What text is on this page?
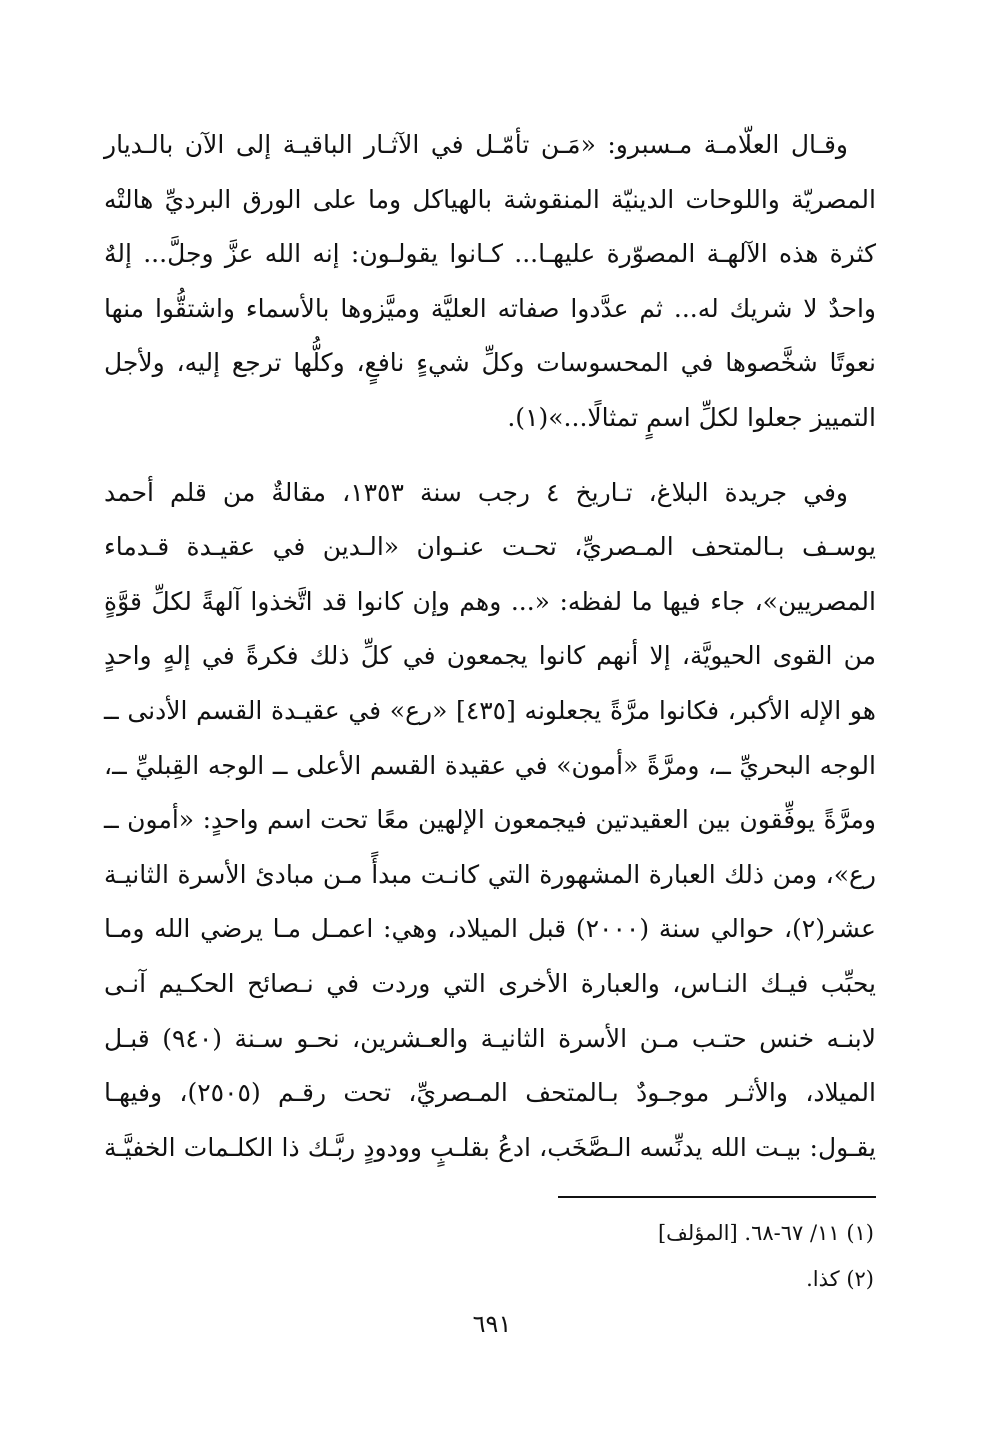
وقـال العلّامـة مـسبرو: «مَـن تأمّـل في الآثـار الباقيـة إلى الآن بالـديار
المصريّة واللوحات الدينيّة المنقوشة بالهياكل وما على الورق البرديِّ هالتْه
كثرة هذه الآلهـة المصوّرة عليهـا... كـانوا يقولـون: إنه الله عزَّ وجلَّ... إلهٌ
واحدٌ لا شريك له... ثم عدَّدوا صفاته العليَّة وميَّزوها بالأسماء واشتقُّوا منها
نعوتًا شخَّصوها في المحسوسات وكلِّ شيءٍ نافعٍ، وكلُّها ترجع إليه، ولأجل
التمييز جعلوا لكلِّ اسمٍ تمثالًا...»(١).

وفي جريدة البلاغ، تـاريخ ٤ رجب سنة ١٣٥٣، مقالةٌ من قلم أحمد
يوسـف بـالمتحف المـصريِّ، تحـت عنـوان «الـدين في عقيـدة قـدماء
المصريين»، جاء فيها ما لفظه: «... وهم وإن كانوا قد اتَّخذوا آلهةً لكلِّ قوَّةٍ
من القوى الحيويَّة، إلا أنهم كانوا يجمعون في كلِّ ذلك فكرةً في إلهٍ واحدٍ
هو الإله الأكبر، فكانوا مرَّةً يجعلونه [٤٣٥] «رع» في عقيـدة القسم الأدنى ــ
الوجه البحريِّ ــ، ومرَّةً «أمون» في عقيدة القسم الأعلى ــ الوجه القِبليِّ ــ،
ومرَّةً يوفِّقون بين العقيدتين فيجمعون الإلهين معًا تحت اسم واحدٍ: «أمون ــ
رع»، ومن ذلك العبارة المشهورة التي كانـت مبدأً مـن مبادئ الأسرة الثانيـة
عشر(٢)، حوالي سنة (٢٠٠٠) قبل الميلاد، وهي: اعمـل مـا يرضي الله ومـا
يحبِّب فيـك النـاس، والعبارة الأخرى التي وردت في نـصائح الحكـيم آنـى
لابنـه خنس حتـب مـن الأسرة الثانيـة والعـشرين، نحـو سـنة (٩٤٠) قبـل
الميلاد، والأثـر موجـودٌ بـالمتحف المـصريِّ، تحت رقـم (٢٥٠٥)، وفيهـا
يقـول: بيـت الله يدنِّسه الـصَّخَب، ادعُ بقلـبٍ وودودٍ ربَّـك ذا الكلـمات الخفيَّـة

(١) ١١/ ٦٧-٦٨. [المؤلف]
(٢) كذا.
٦٩١
